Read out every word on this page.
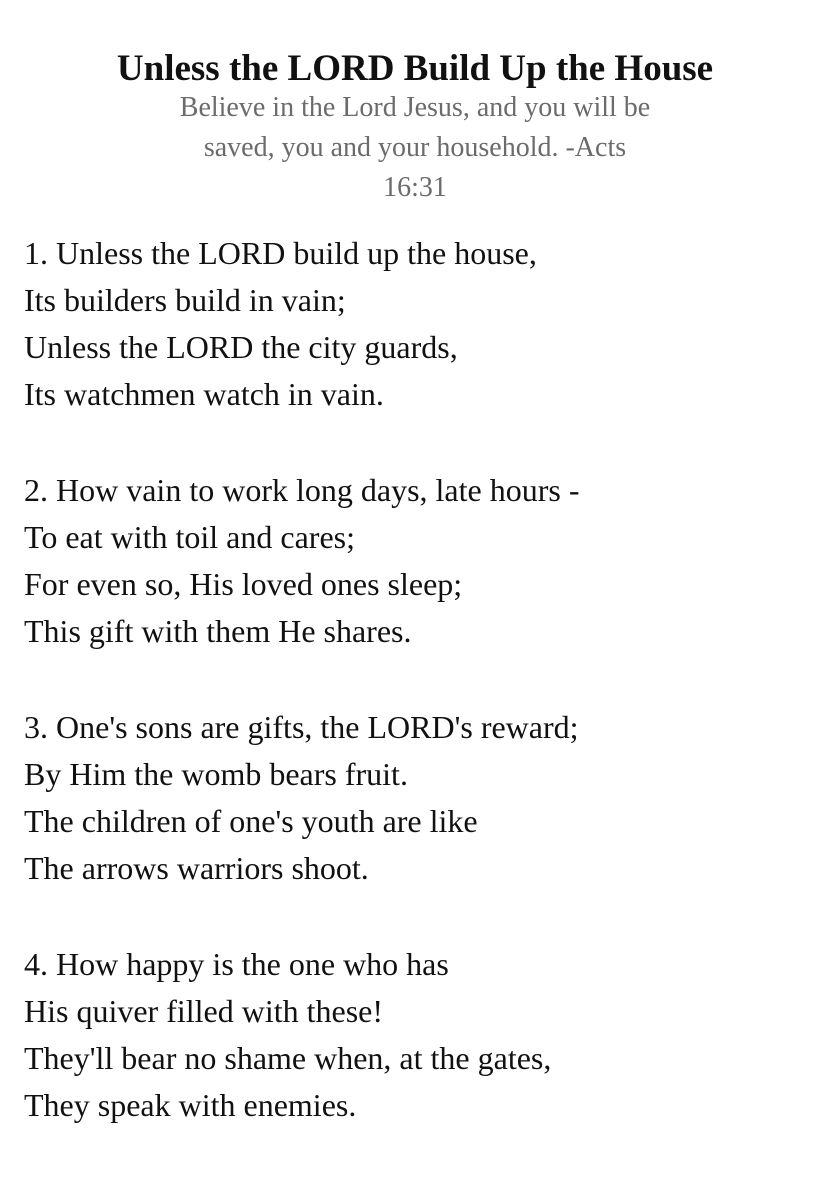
Unless the LORD Build Up the House
Believe in the Lord Jesus, and you will be
saved, you and your household. -Acts
16:31
1. Unless the LORD build up the house,
Its builders build in vain;
Unless the LORD the city guards,
Its watchmen watch in vain.
2. How vain to work long days, late hours -
To eat with toil and cares;
For even so, His loved ones sleep;
This gift with them He shares.
3. One's sons are gifts, the LORD's reward;
By Him the womb bears fruit.
The children of one's youth are like
The arrows warriors shoot.
4. How happy is the one who has
His quiver filled with these!
They'll bear no shame when, at the gates,
They speak with enemies.
